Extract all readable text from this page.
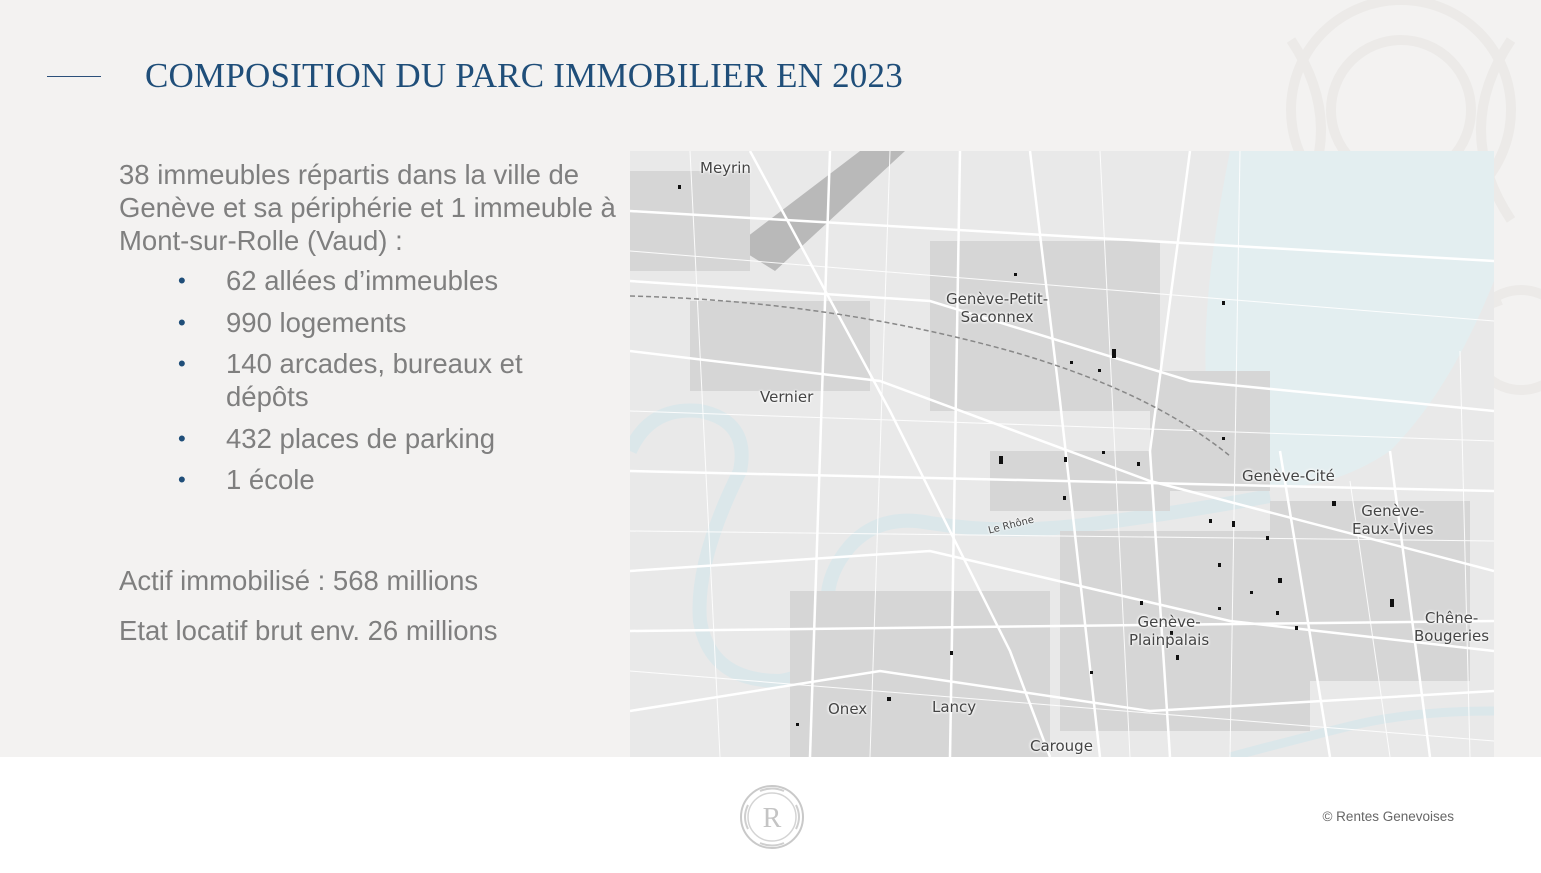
COMPOSITION DU PARC IMMOBILIER EN 2023

38 immeubles répartis dans la ville de Genève et sa périphérie et 1 immeuble à Mont-sur-Rolle (Vaud) :

• 62 allées d’immeubles
• 990 logements
• 140 arcades, bureaux et dépôts
• 432 places de parking
• 1 école

Actif immobilisé : 568 millions

Etat locatif brut env. 26 millions

Meyrin
Genève-Petit-
Saconnex
Vernier
Genève-Cité
Genève-
Eaux-Vives
Le Rhône
Genève-
Plainpalais
Chêne-
Bougeries
Onex	Lancy
Carouge
R	© Rentes Genevoises
